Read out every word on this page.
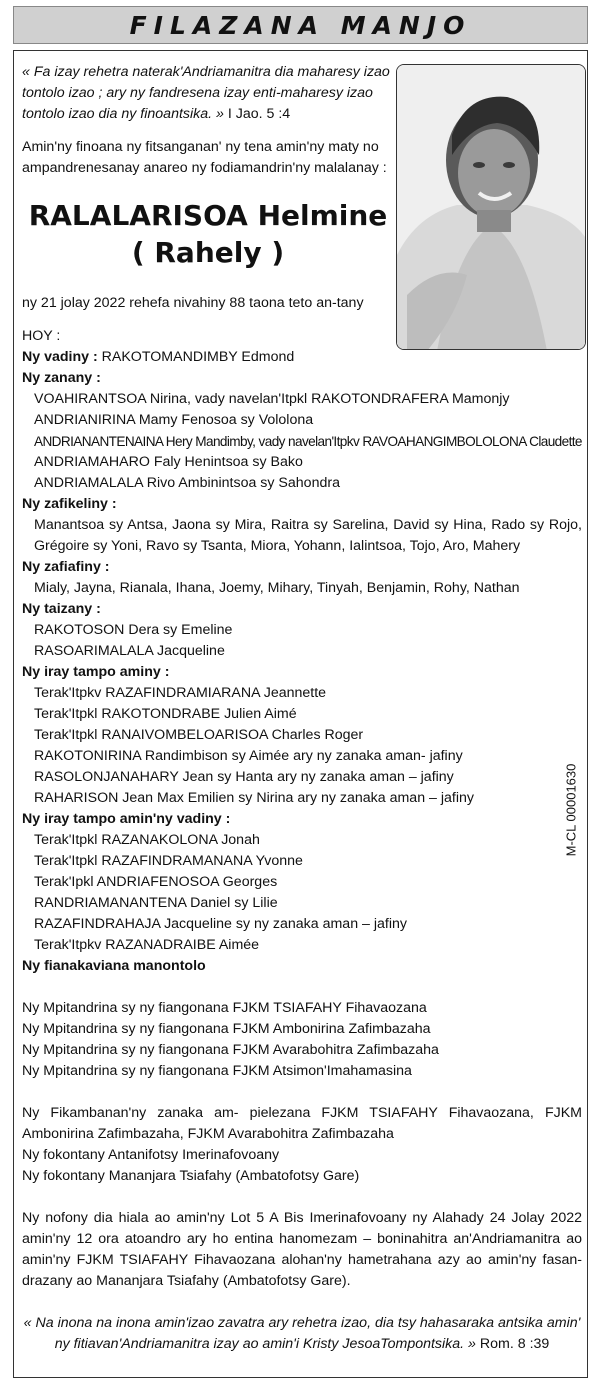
FILAZANA MANJO
« Fa izay rehetra naterak'Andriamanitra dia maharesy izao tontolo izao ; ary ny fandresena izay enti-maharesy izao tontolo izao dia ny finoantsika. » I Jao. 5 :4
Amin'ny finoana ny fitsanganan' ny tena amin'ny maty no ampandrenesanay anareo ny fodiamandrin'ny malalanay :
RALALARISOA Helmine
( Rahely )
ny 21 jolay 2022 rehefa nivahiny 88 taona teto an-tany
HOY :
Ny vadiny : RAKOTOMANDIMBY Edmond
Ny zanany :
VOAHIRANTSOA Nirina, vady navelan'Itpkl RAKOTONDRAFERA Mamonjy
ANDRIANIRINA Mamy Fenosoa sy Vololona
ANDRIANANTENAINA Hery Mandimby, vady navelan'Itpkv RAVOAHANGIMBOLOLONA Claudette
ANDRIAMAHARO Faly Henintsoa sy Bako
ANDRIAMALALA Rivo Ambinintsoa sy Sahondra
Ny zafikeliny :
Manantsoa sy Antsa, Jaona sy Mira, Raitra sy Sarelina, David sy Hina, Rado sy Rojo, Grégoire sy Yoni, Ravo sy Tsanta, Miora, Yohann, Ialintsoa, Tojo, Aro, Mahery
Ny zafiafiny :
Mialy, Jayna, Rianala, Ihana, Joemy, Mihary, Tinyah, Benjamin, Rohy, Nathan
Ny taizany :
RAKOTOSON Dera sy Emeline
RASOARIMALALA Jacqueline
Ny iray tampo aminy :
Terak'Itpkv RAZAFINDRAMIARANA Jeannette
Terak'Itpkl RAKOTONDRABE Julien Aimé
Terak'Itpkl RANAIVOMBELOARISOA Charles Roger
RAKOTONIRINA Randimbison sy Aimée ary ny zanaka aman- jafiny
RASOLONJANAHARY Jean sy Hanta ary ny zanaka aman – jafiny
RAHARISON Jean Max Emilien sy Nirina ary ny zanaka aman – jafiny
Ny iray tampo amin'ny vadiny :
Terak'Itpkl RAZANAKOLONA Jonah
Terak'Itpkl RAZAFINDRAMANANA Yvonne
Terak'Ipkl ANDRIAFENOSOA Georges
RANDRIAMANANTENA Daniel sy Lilie
RAZAFINDRAHAJA Jacqueline sy ny zanaka aman – jafiny
Terak'Itpkv RAZANADRAIBE Aimée
Ny fianakaviana manontolo
Ny Mpitandrina sy ny fiangonana FJKM TSIAFAHY Fihavaozana
Ny Mpitandrina sy ny fiangonana FJKM Ambonirina Zafimbazaha
Ny Mpitandrina sy ny fiangonana FJKM Avarabohitra Zafimbazaha
Ny Mpitandrina sy ny fiangonana FJKM Atsimon'Imahamasina
Ny Fikambanan'ny zanaka am- pielezana FJKM TSIAFAHY Fihavaozana, FJKM Ambonirina Zafimbazaha, FJKM Avarabohitra Zafimbazaha
Ny fokontany Antanifotsy Imerinafovoany
Ny fokontany Mananjara Tsiafahy (Ambatofotsy Gare)
Ny nofony dia hiala ao amin'ny Lot 5 A Bis Imerinafovoany ny Alahady 24 Jolay 2022 amin'ny 12 ora atoandro ary ho entina hanomezam – boninahitra an'Andriamanitra ao amin'ny FJKM TSIAFAHY Fihavaozana alohan'ny hametrahana azy ao amin'ny fasan-drazany ao Mananjara Tsiafahy (Ambatofotsy Gare).
« Na inona na inona amin'izao zavatra ary rehetra izao, dia tsy hahasaraka antsika amin' ny fitiavan'Andriamanitra izay ao amin'i Kristy JesoaTompontsika. » Rom. 8 :39
M-CL 00001630
